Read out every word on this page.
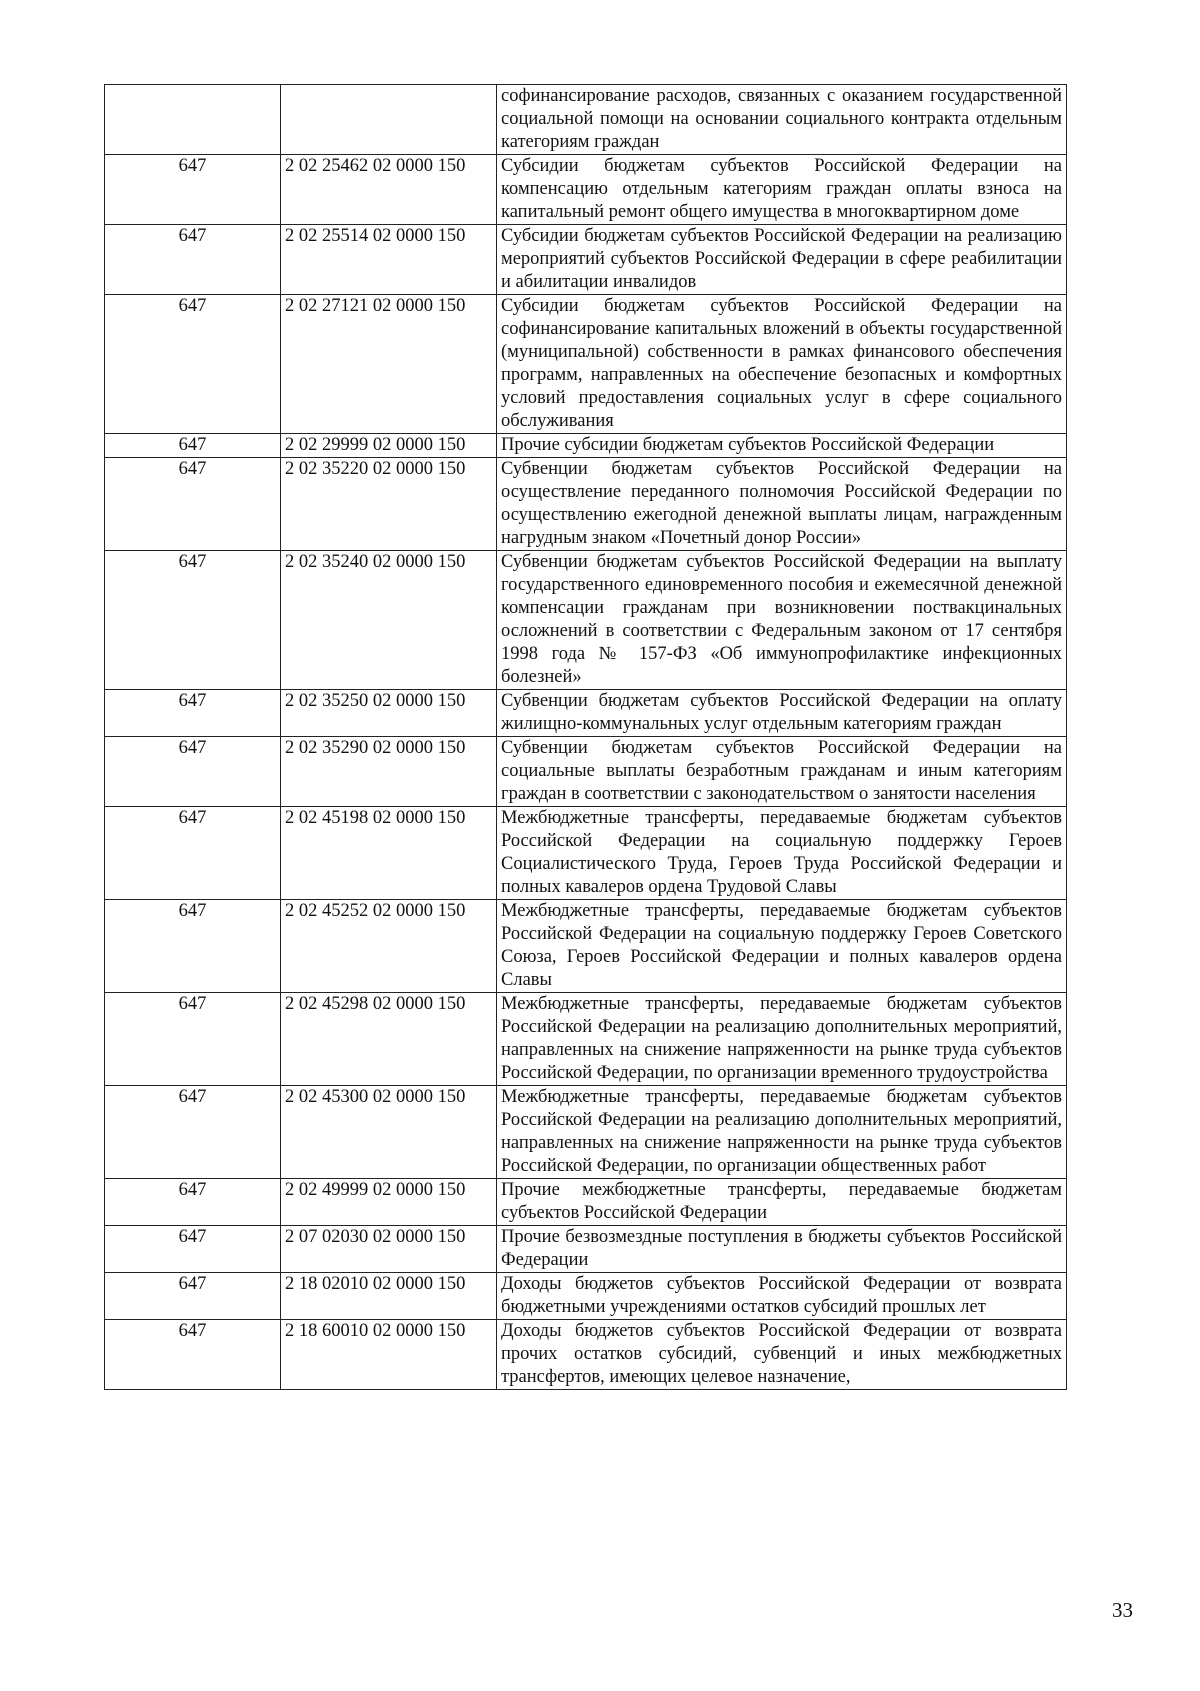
		софинансирование расходов, связанных с оказанием государственной социальной помощи на основании социального контракта отдельным категориям граждан
647	2 02 25462 02 0000 150	Субсидии бюджетам субъектов Российской Федерации на компенсацию отдельным категориям граждан оплаты взноса на капитальный ремонт общего имущества в многоквартирном доме
647	2 02 25514 02 0000 150	Субсидии бюджетам субъектов Российской Федерации на реализацию мероприятий субъектов Российской Федерации в сфере реабилитации и абилитации инвалидов
647	2 02 27121 02 0000 150	Субсидии бюджетам субъектов Российской Федерации на софинансирование капитальных вложений в объекты государственной (муниципальной) собственности в рамках финансового обеспечения программ, направленных на обеспечение безопасных и комфортных условий предоставления социальных услуг в сфере социального обслуживания
647	2 02 29999 02 0000 150	Прочие субсидии бюджетам субъектов Российской Федерации
647	2 02 35220 02 0000 150	Субвенции бюджетам субъектов Российской Федерации на осуществление переданного полномочия Российской Федерации по осуществлению ежегодной денежной выплаты лицам, награжденным нагрудным знаком «Почетный донор России»
647	2 02 35240 02 0000 150	Субвенции бюджетам субъектов Российской Федерации на выплату государственного единовременного пособия и ежемесячной денежной компенсации гражданам при возникновении поствакцинальных осложнений в соответствии с Федеральным законом от 17 сентября 1998 года № 157-ФЗ «Об иммунопрофилактике инфекционных болезней»
647	2 02 35250 02 0000 150	Субвенции бюджетам субъектов Российской Федерации на оплату жилищно-коммунальных услуг отдельным категориям граждан
647	2 02 35290 02 0000 150	Субвенции бюджетам субъектов Российской Федерации на социальные выплаты безработным гражданам и иным категориям граждан в соответствии с законодательством о занятости населения
647	2 02 45198 02 0000 150	Межбюджетные трансферты, передаваемые бюджетам субъектов Российской Федерации на социальную поддержку Героев Социалистического Труда, Героев Труда Российской Федерации и полных кавалеров ордена Трудовой Славы
647	2 02 45252 02 0000 150	Межбюджетные трансферты, передаваемые бюджетам субъектов Российской Федерации на социальную поддержку Героев Советского Союза, Героев Российской Федерации и полных кавалеров ордена Славы
647	2 02 45298 02 0000 150	Межбюджетные трансферты, передаваемые бюджетам субъектов Российской Федерации на реализацию дополнительных мероприятий, направленных на снижение напряженности на рынке труда субъектов Российской Федерации, по организации временного трудоустройства
647	2 02 45300 02 0000 150	Межбюджетные трансферты, передаваемые бюджетам субъектов Российской Федерации на реализацию дополнительных мероприятий, направленных на снижение напряженности на рынке труда субъектов Российской Федерации, по организации общественных работ
647	2 02 49999 02 0000 150	Прочие межбюджетные трансферты, передаваемые бюджетам субъектов Российской Федерации
647	2 07 02030 02 0000 150	Прочие безвозмездные поступления в бюджеты субъектов Российской Федерации
647	2 18 02010 02 0000 150	Доходы бюджетов субъектов Российской Федерации от возврата бюджетными учреждениями остатков субсидий прошлых лет
647	2 18 60010 02 0000 150	Доходы бюджетов субъектов Российской Федерации от возврата прочих остатков субсидий, субвенций и иных межбюджетных трансфертов, имеющих целевое назначение,
33
